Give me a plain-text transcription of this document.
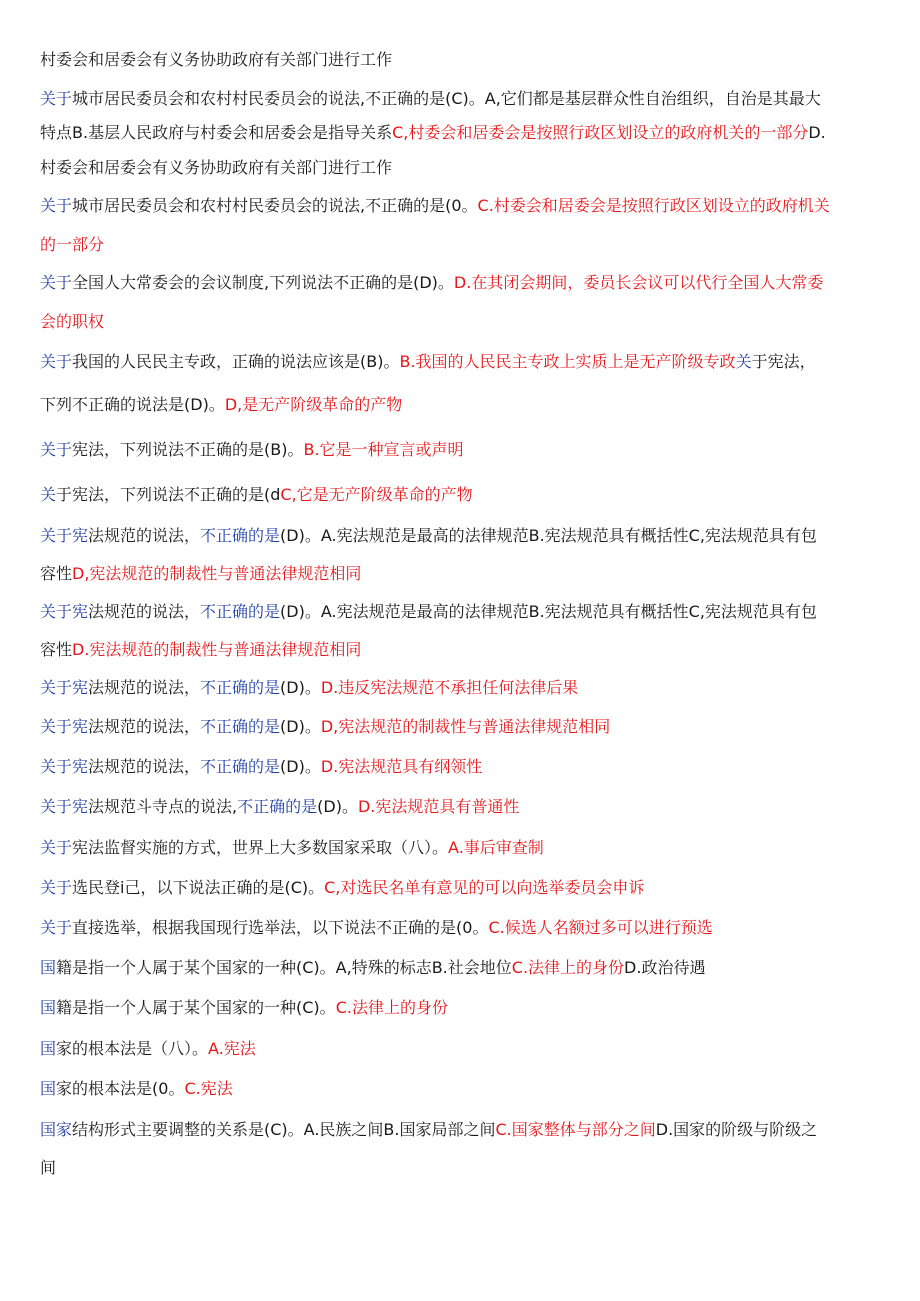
村委会和居委会有义务协助政府有关部门进行工作
关于城市居民委员会和农村村民委员会的说法,不正确的是(C)。A,它们都是基层群众性自治组织，自治是其最大
特点B.基层人民政府与村委会和居委会是指导关系C,村委会和居委会是按照行政区划设立的政府机关的一部分D.
村委会和居委会有义务协助政府有关部门进行工作
关于城市居民委员会和农村村民委员会的说法,不正确的是(0。C.村委会和居委会是按照行政区划设立的政府机关
的一部分
关于全国人大常委会的会议制度,下列说法不正确的是(D)。D.在其闭会期间，委员长会议可以代行全国人大常委
会的职权
关于我国的人民民主专政，正确的说法应该是(B)。B.我国的人民民主专政上实质上是无产阶级专政关于宪法，
下列不正确的说法是(D)。D,是无产阶级革命的产物
关于宪法，下列说法不正确的是(B)。B.它是一种宣言或声明
关于宪法，下列说法不正确的是(dC,它是无产阶级革命的产物
关于宪法规范的说法，不正确的是(D)。A.宪法规范是最高的法律规范B.宪法规范具有概括性C,宪法规范具有包
容性D,宪法规范的制裁性与普通法律规范相同
关于宪法规范的说法，不正确的是(D)。A.宪法规范是最高的法律规范B.宪法规范具有概括性C,宪法规范具有包
容性D.宪法规范的制裁性与普通法律规范相同
关于宪法规范的说法，不正确的是(D)。D.违反宪法规范不承担任何法律后果
关于宪法规范的说法，不正确的是(D)。D,宪法规范的制裁性与普通法律规范相同
关于宪法规范的说法，不正确的是(D)。D.宪法规范具有纲领性
关于宪法规范斗寺点的说法,不正确的是(D)。D.宪法规范具有普通性
关于宪法监督实施的方式，世界上大多数国家采取（八）。A.事后审查制
关于选民登i己，以下说法正确的是(C)。C,对选民名单有意见的可以向选举委员会申诉
关于直接选举，根据我国现行选举法，以下说法不正确的是(0。C.候选人名额过多可以进行预选
国籍是指一个人属于某个国家的一种(C)。A,特殊的标志B.社会地位C.法律上的身份D.政治待遇
国籍是指一个人属于某个国家的一种(C)。C.法律上的身份
国家的根本法是（八）。A.宪法
国家的根本法是(0。C.宪法
国家结构形式主要调整的关系是(C)。A.民族之间B.国家局部之间C.国家整体与部分之间D.国家的阶级与阶级之
间
